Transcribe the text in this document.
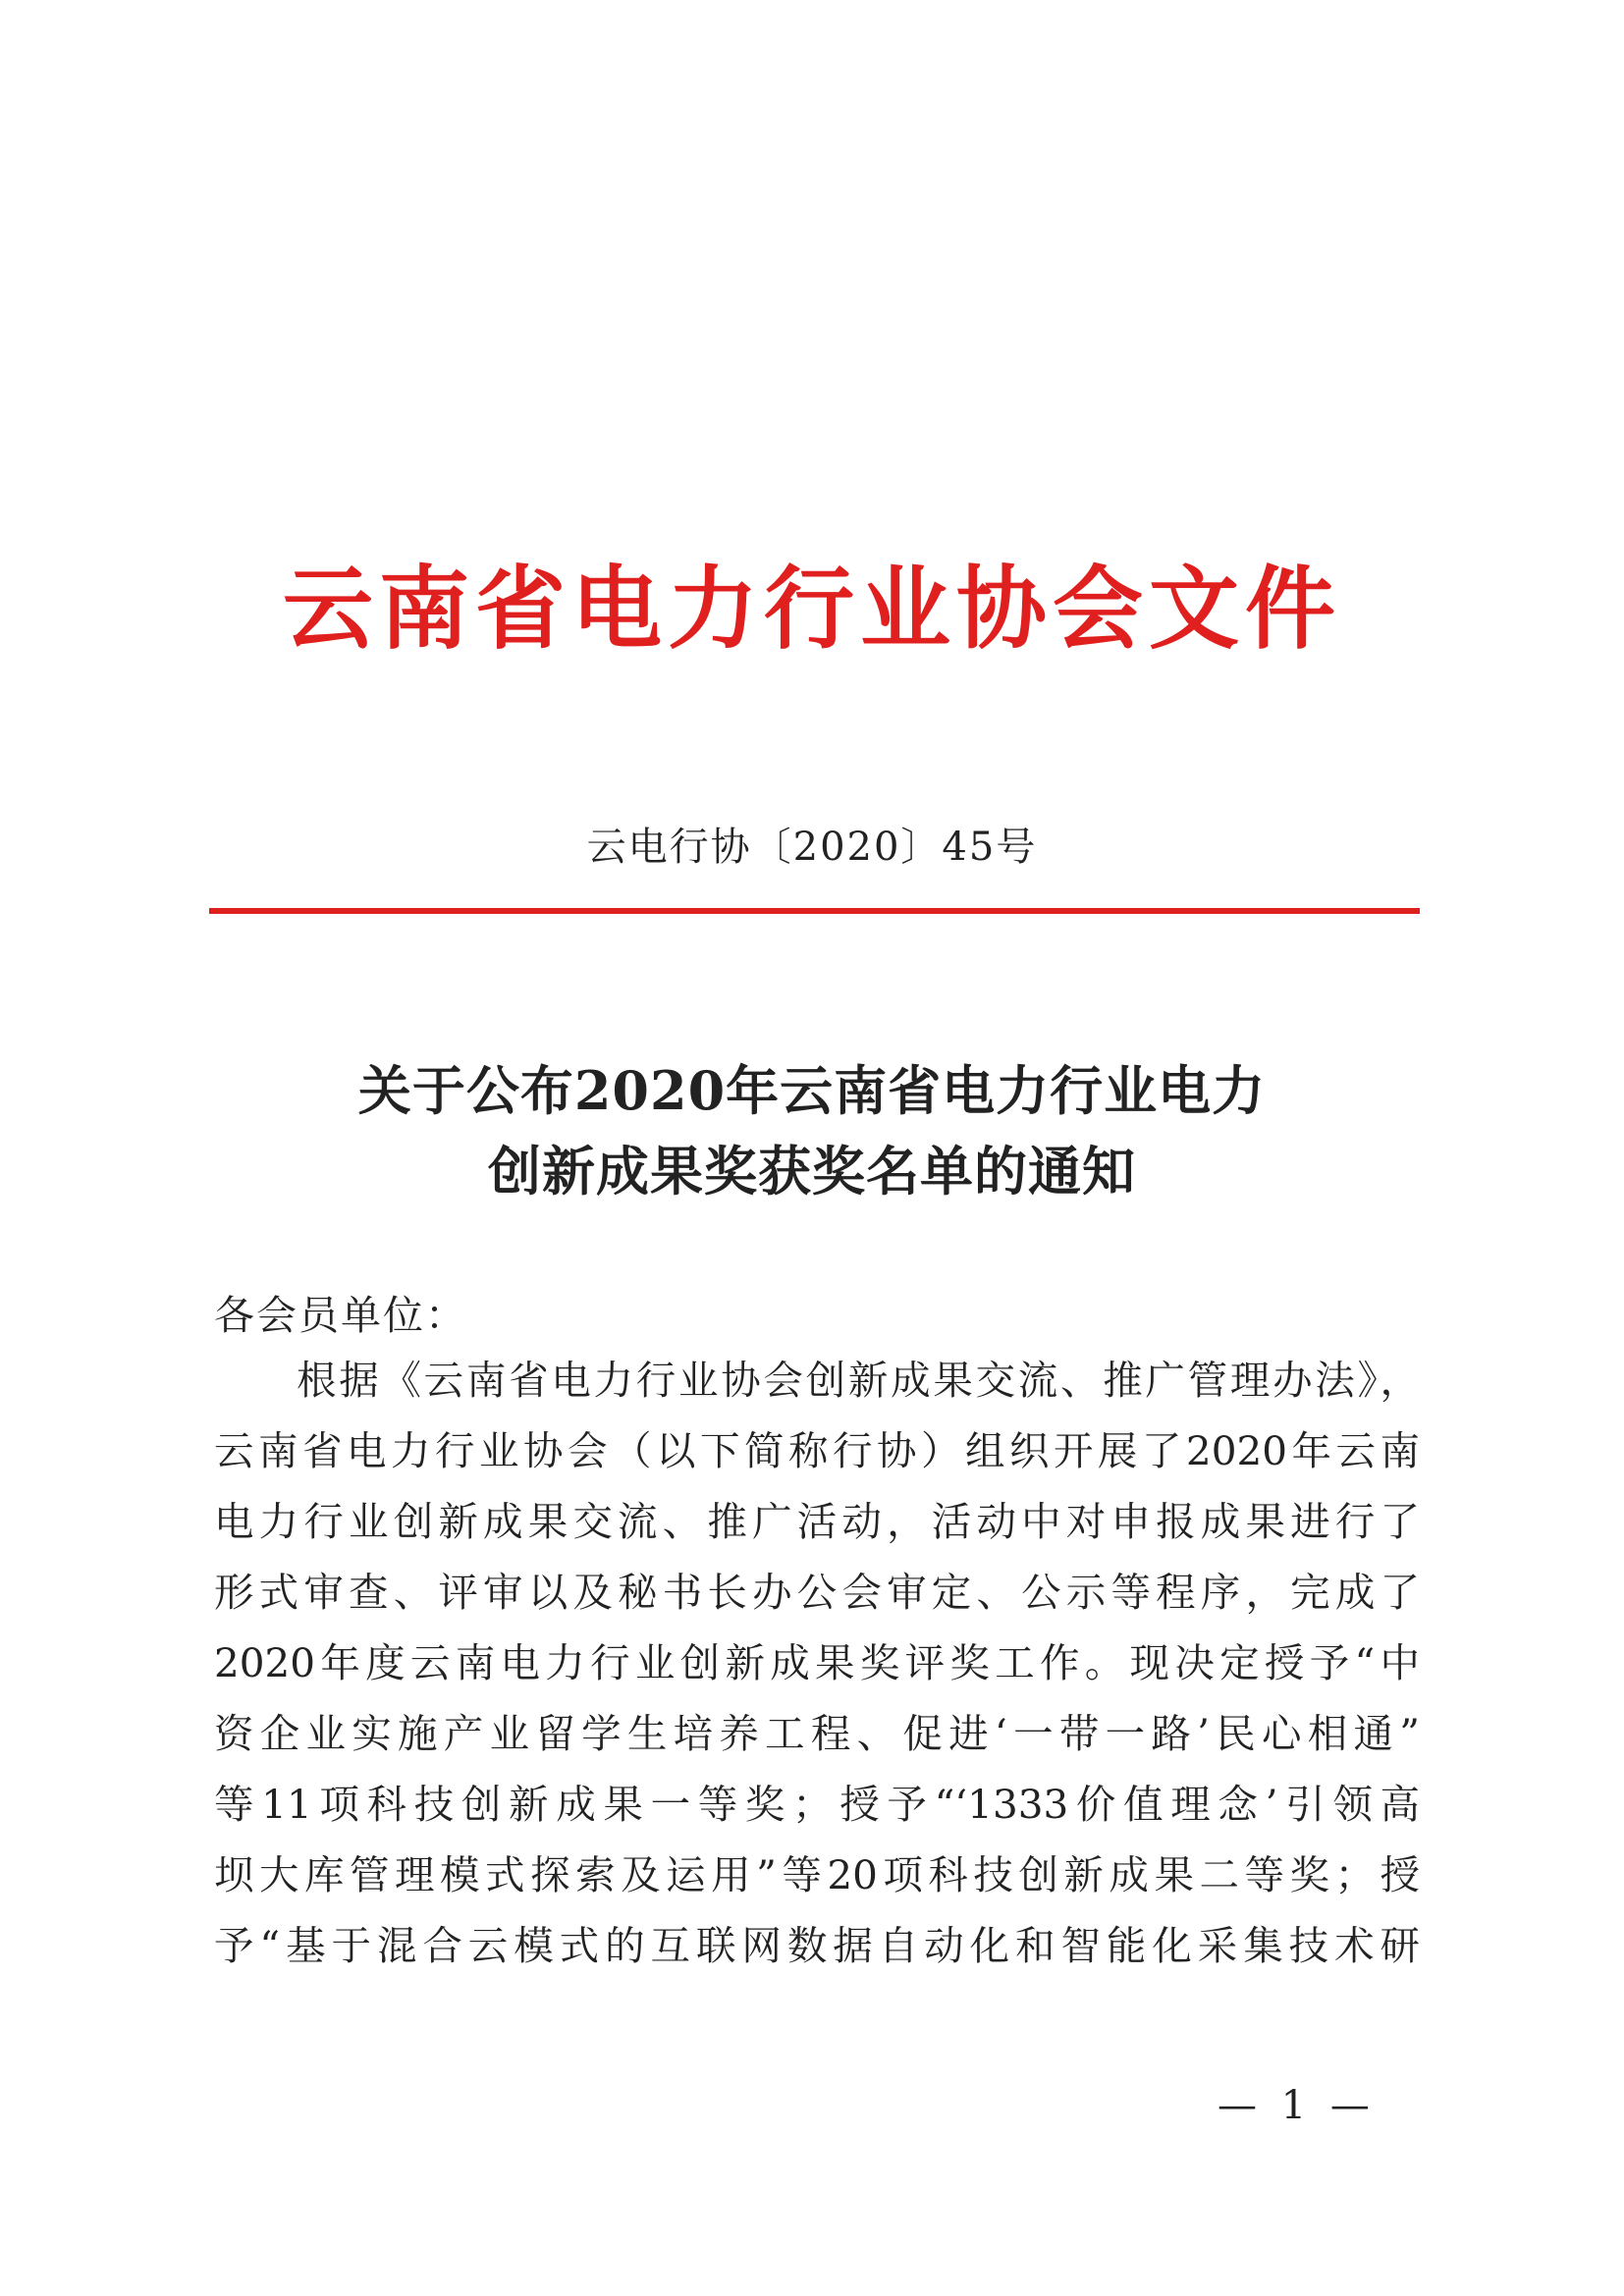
云南省电力行业协会文件
云电行协〔2020〕45号
关于公布2020年云南省电力行业电力
创新成果奖获奖名单的通知
各会员单位：
根据《云南省电力行业协会创新成果交流、推广管理办法》，
云南省电力行业协会（以下简称行协）组织开展了2020年云南
电力行业创新成果交流、推广活动，活动中对申报成果进行了
形式审查、评审以及秘书长办公会审定、公示等程序，完成了
2020年度云南电力行业创新成果奖评奖工作。现决定授予“中
资企业实施产业留学生培养工程、促进‘一带一路’民心相通”
等11项科技创新成果一等奖；授予“‘1333价值理念’引领高
坝大库管理模式探索及运用”等20项科技创新成果二等奖；授
予“基于混合云模式的互联网数据自动化和智能化采集技术研
— 1 —
